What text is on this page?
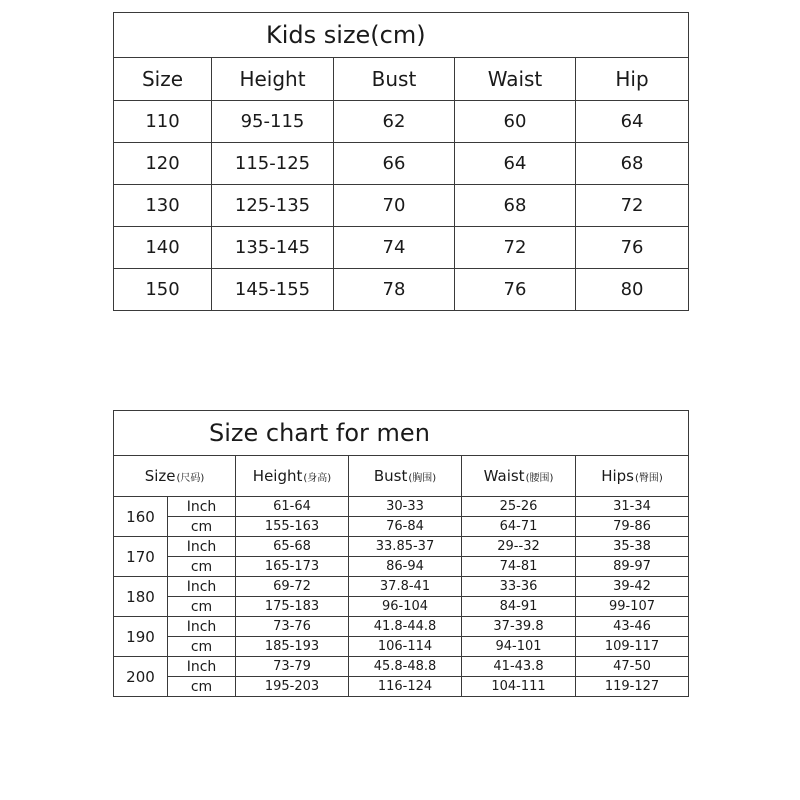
Kids size(cm)				
Size	Height	Bust	Waist	Hip
110	95-115	62	60	64
120	115-125	66	64	68
130	125-135	70	68	72
140	135-145	74	72	76
150	145-155	78	76	80
Size chart for men					
Size(尺码)		Height(身高)	Bust(胸围)	Waist(腰围)	Hips(臀围)
160	Inch	61-64	30-33	25-26	31-34
	cm	155-163	76-84	64-71	79-86
170	Inch	65-68	33.85-37	29--32	35-38
	cm	165-173	86-94	74-81	89-97
180	Inch	69-72	37.8-41	33-36	39-42
	cm	175-183	96-104	84-91	99-107
190	Inch	73-76	41.8-44.8	37-39.8	43-46
	cm	185-193	106-114	94-101	109-117
200	Inch	73-79	45.8-48.8	41-43.8	47-50
	cm	195-203	116-124	104-111	119-127
